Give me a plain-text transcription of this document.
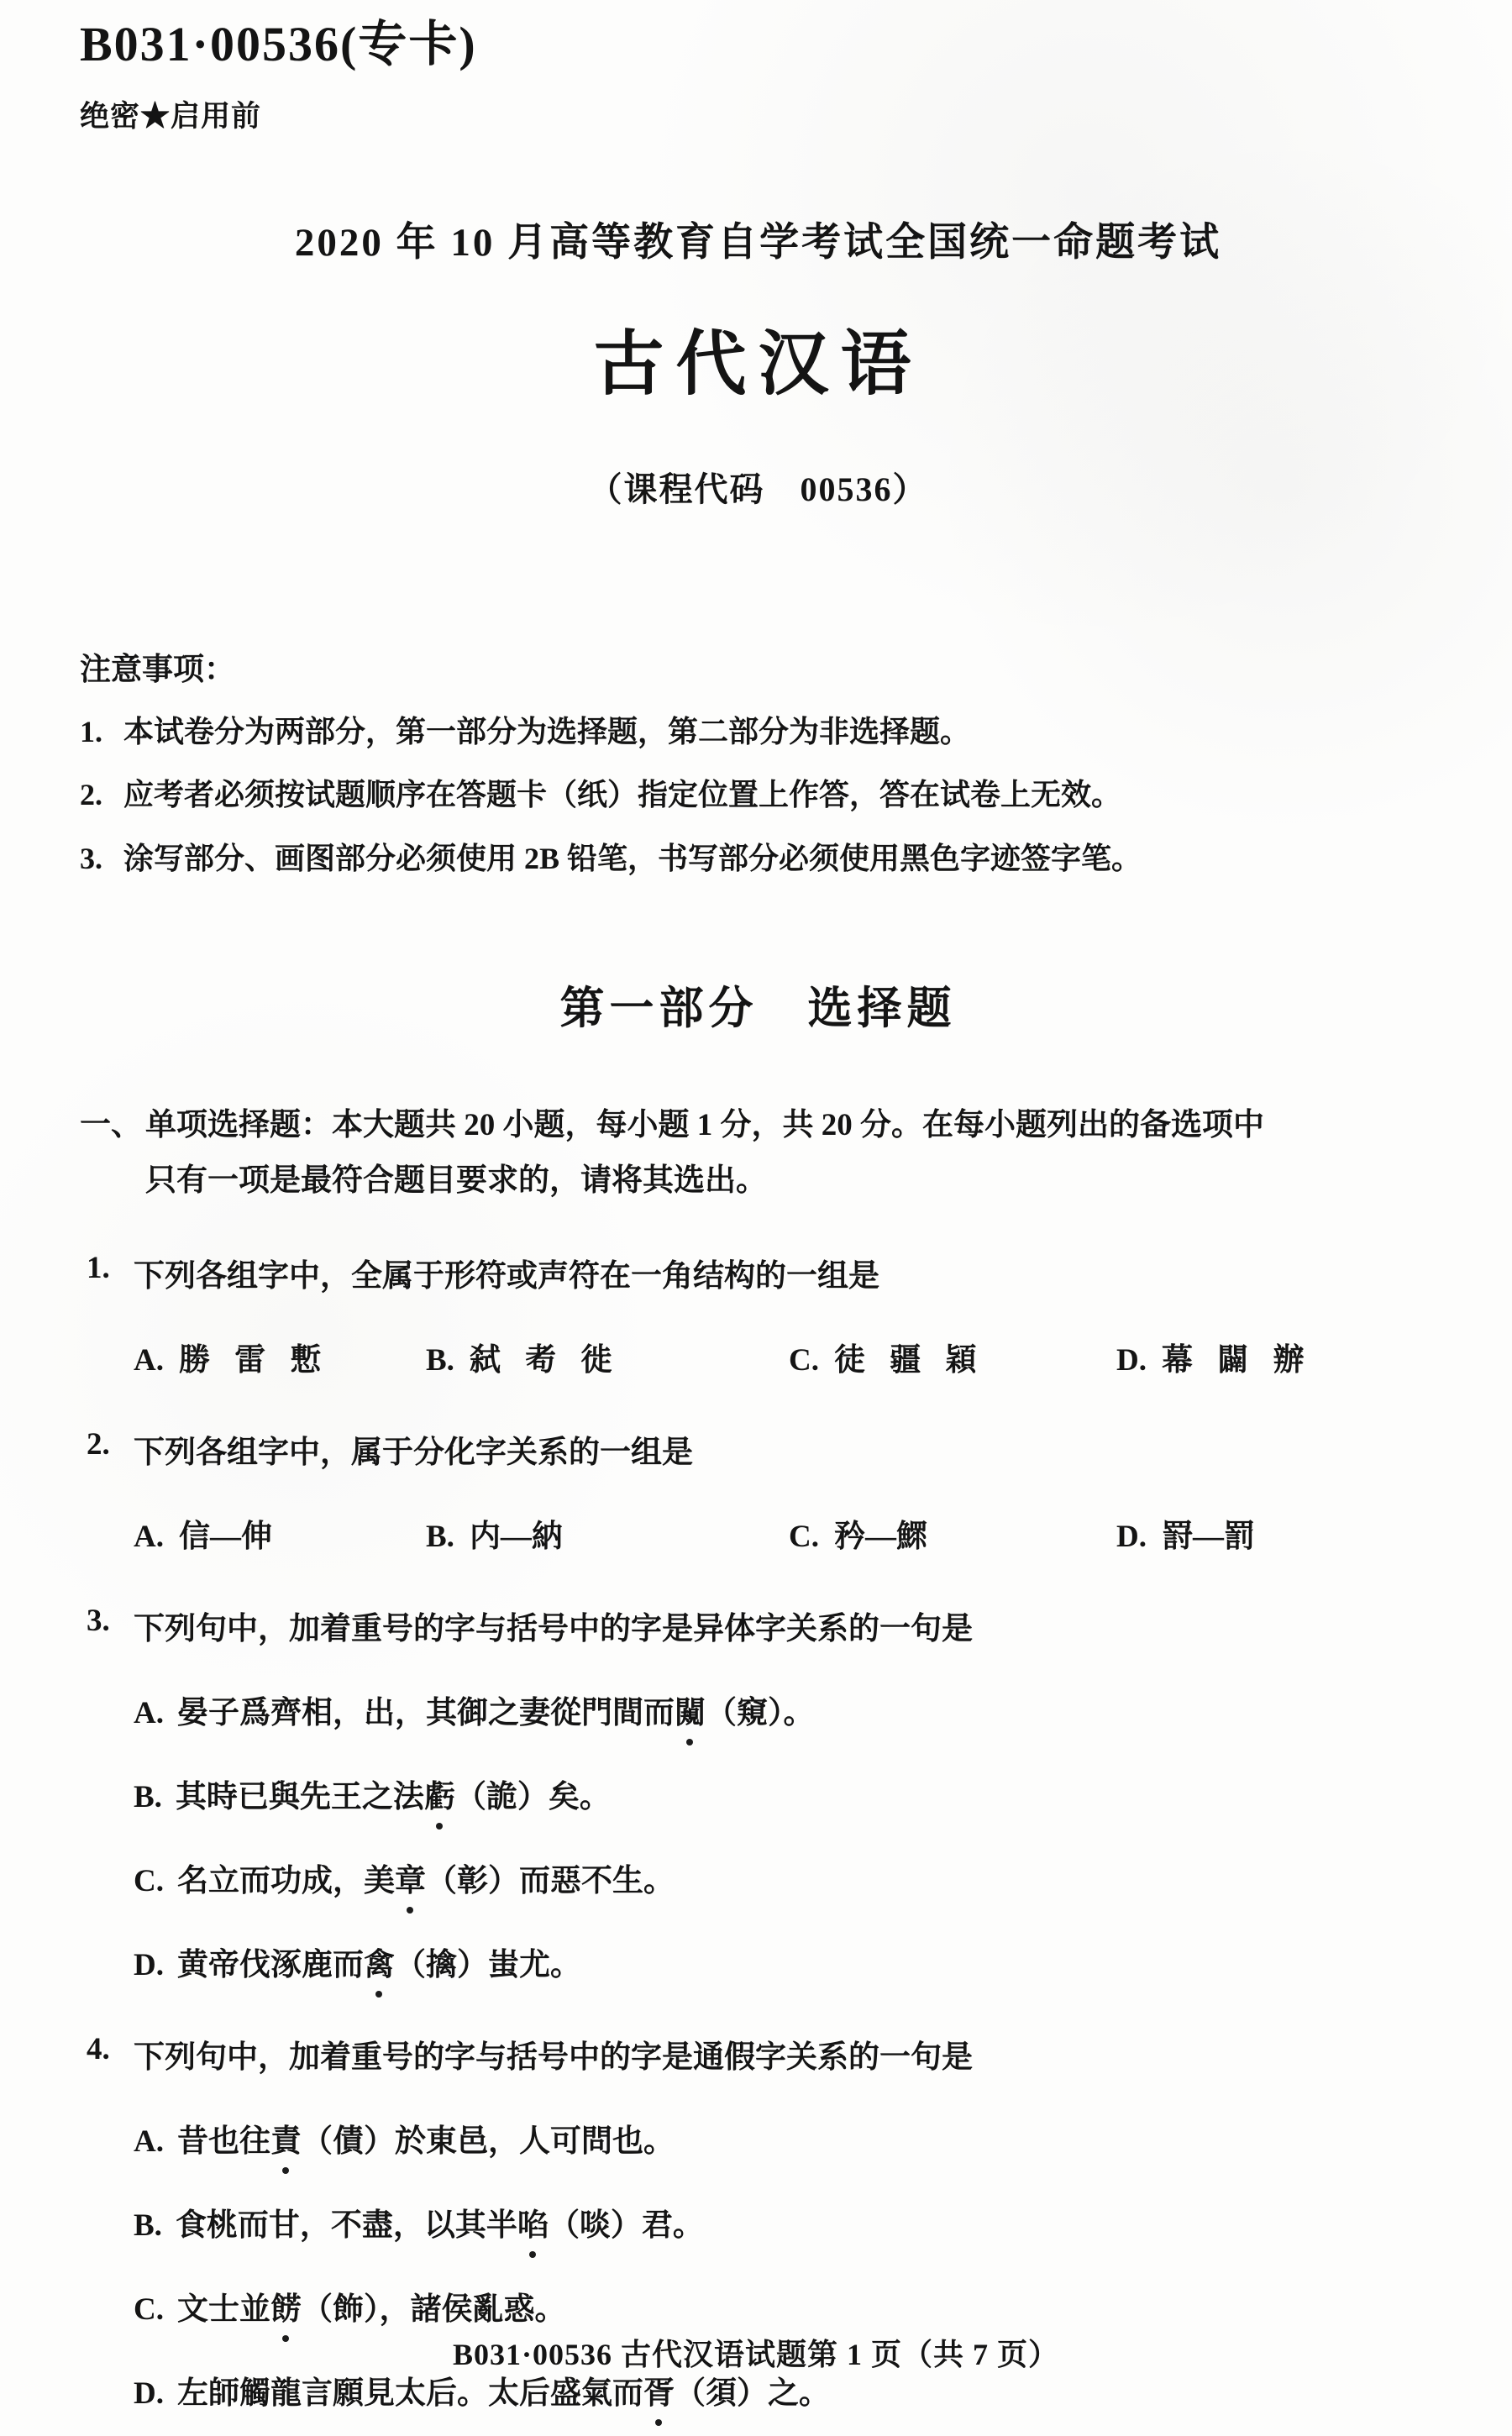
B031·00536(专卡)
绝密★启用前
2020 年 10 月高等教育自学考试全国统一命题考试
古代汉语
（课程代码　00536）
注意事项：
1. 本试卷分为两部分，第一部分为选择题，第二部分为非选择题。
2. 应考者必须按试题顺序在答题卡（纸）指定位置上作答，答在试卷上无效。
3. 涂写部分、画图部分必须使用 2B 铅笔，书写部分必须使用黑色字迹签字笔。
第一部分　选择题
一、 单项选择题：本大题共 20 小题，每小题 1 分，共 20 分。在每小题列出的备选项中
只有一项是最符合题目要求的，请将其选出。
1. 下列各组字中，全属于形符或声符在一角结构的一组是
A. 勝 雷 慙	B. 弑 耇 徙	C. 徒 疆 穎	D. 幕 闢 辦
2. 下列各组字中，属于分化字关系的一组是
A. 信—伸	B. 内—納	C. 矜—鰥	D. 罸—罰
3. 下列句中，加着重号的字与括号中的字是异体字关系的一句是
A. 晏子爲齊相，出，其御之妻從門間而闚（窺）。
B. 其時已與先王之法虧（詭）矣。
C. 名立而功成，美章（彰）而惡不生。
D. 黄帝伐涿鹿而禽（擒）蚩尤。
4. 下列句中，加着重号的字与括号中的字是通假字关系的一句是
A. 昔也往責（債）於東邑，人可問也。
B. 食桃而甘，不盡，以其半啗（啖）君。
C. 文士並餝（飾），諸侯亂惑。
D. 左師觸龍言願見太后。太后盛氣而胥（須）之。
B031·00536 古代汉语试题第 1 页（共 7 页）
